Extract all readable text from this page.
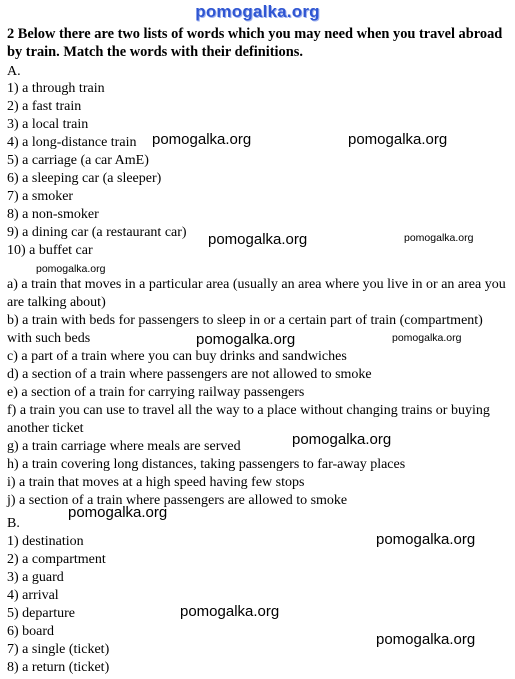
pomogalka.org
2 Below there are two lists of words which you may need when you travel abroad by train. Match the words with their definitions.
A.
1) a through train
2) a fast train
3) a local train
4) a long-distance train
5) a carriage (a car AmE)
6) a sleeping car (a sleeper)
7) a smoker
8) a non-smoker
9) a dining car (a restaurant car)
10) a buffet car
a) a train that moves in a particular area (usually an area where you live in or an area you are talking about)
b) a train with beds for passengers to sleep in or a certain part of train (compartment) with such beds
c) a part of a train where you can buy drinks and sandwiches
d) a section of a train where passengers are not allowed to smoke
e) a section of a train for carrying railway passengers
f) a train you can use to travel all the way to a place without changing trains or buying another ticket
g) a train carriage where meals are served
h) a train covering long distances, taking passengers to far-away places
i) a train that moves at a high speed having few stops
j) a section of a train where passengers are allowed to smoke
B.
1) destination
2) a compartment
3) a guard
4) arrival
5) departure
6) board
7) a single (ticket)
8) a return (ticket)
pomogalka.org	pomogalka.org
pomogalka.org	pomogalka.org
pomogalka.org
pomogalka.org	pomogalka.org
pomogalka.org
pomogalka.org
pomogalka.org
pomogalka.org
pomogalka.org
